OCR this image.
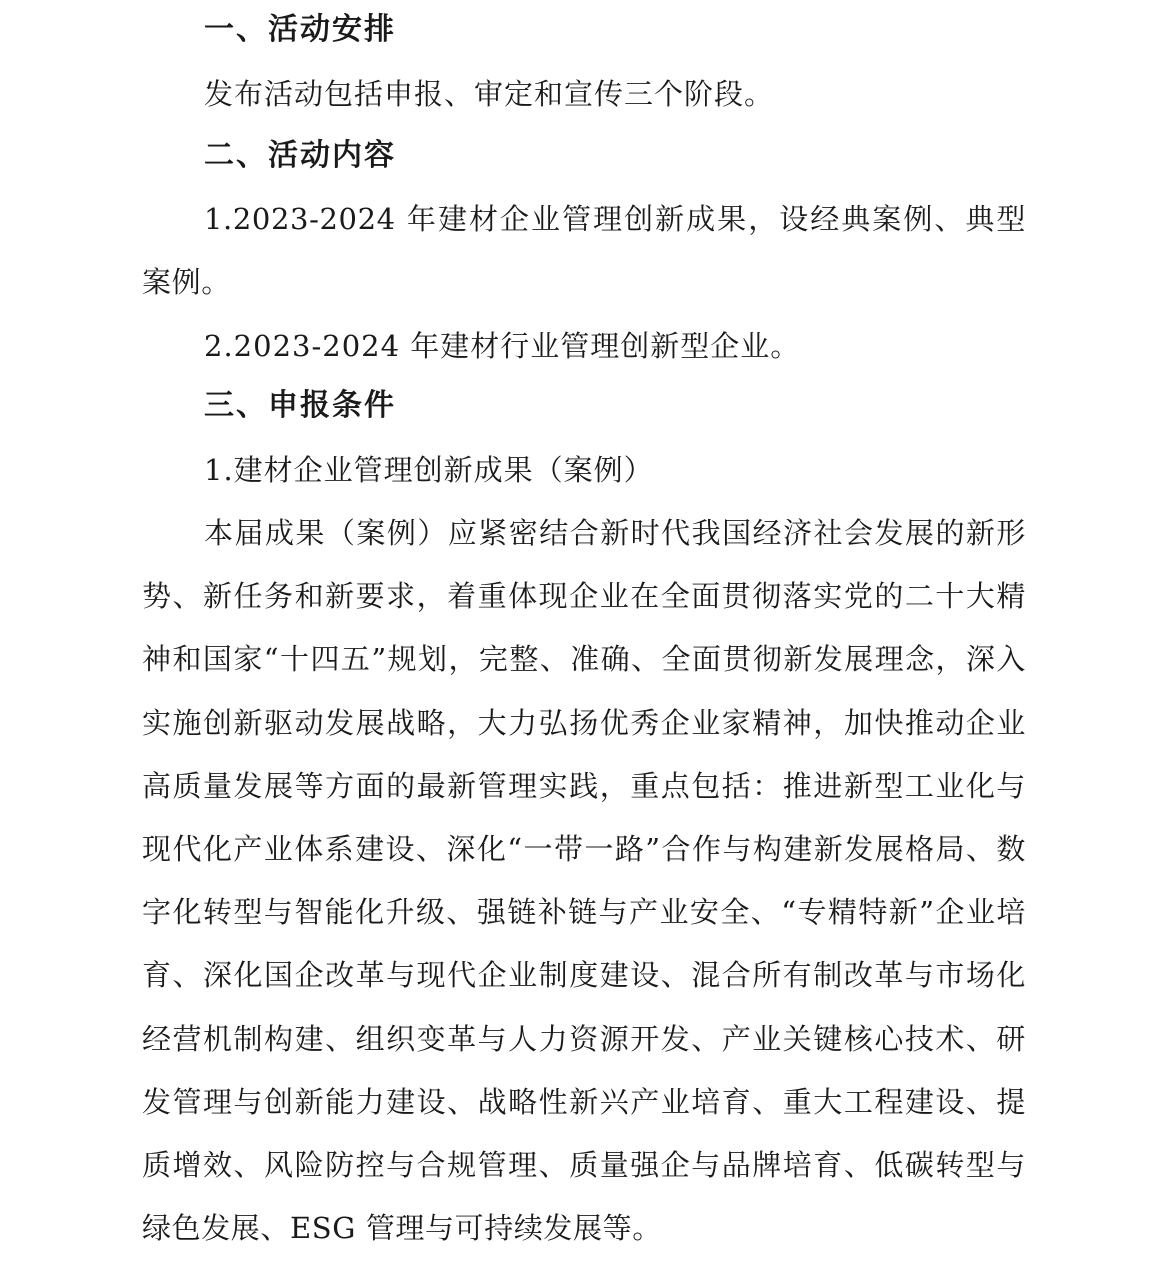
一、活动安排

发布活动包括申报、审定和宣传三个阶段。

二、活动内容

1.2023-2024 年建材企业管理创新成果，设经典案例、典型案例。

2.2023-2024 年建材行业管理创新型企业。

三、申报条件

1.建材企业管理创新成果（案例）

本届成果（案例）应紧密结合新时代我国经济社会发展的新形势、新任务和新要求，着重体现企业在全面贯彻落实党的二十大精神和国家“十四五”规划，完整、准确、全面贯彻新发展理念，深入实施创新驱动发展战略，大力弘扬优秀企业家精神，加快推动企业高质量发展等方面的最新管理实践，重点包括：推进新型工业化与现代化产业体系建设、深化“一带一路”合作与构建新发展格局、数字化转型与智能化升级、强链补链与产业安全、“专精特新”企业培育、深化国企改革与现代企业制度建设、混合所有制改革与市场化经营机制构建、组织变革与人力资源开发、产业关键核心技术、研发管理与创新能力建设、战略性新兴产业培育、重大工程建设、提质增效、风险防控与合规管理、质量强企与品牌培育、低碳转型与绿色发展、ESG 管理与可持续发展等。
